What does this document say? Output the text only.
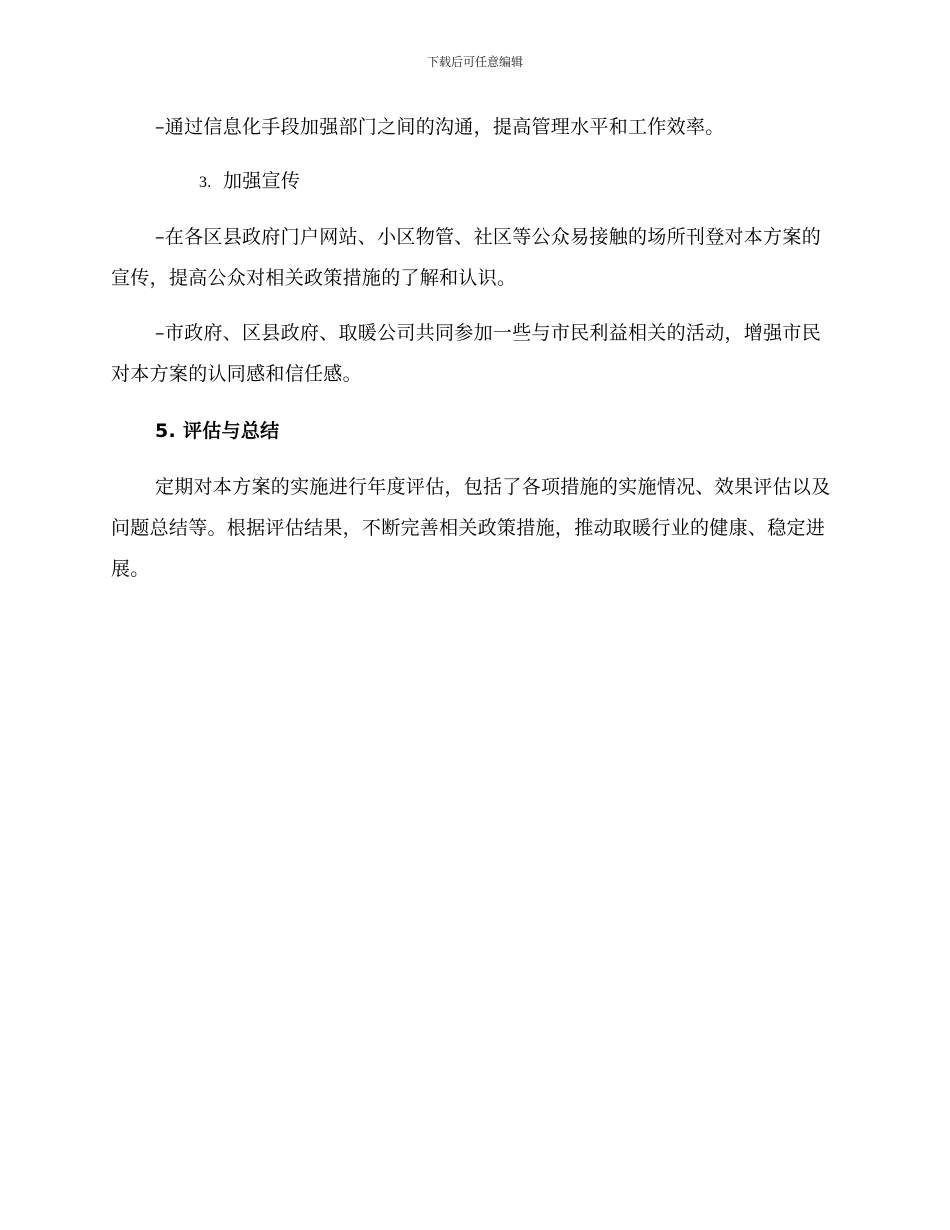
下载后可任意编辑
–通过信息化手段加强部门之间的沟通，提高管理水平和工作效率。
3. 加强宣传
–在各区县政府门户网站、小区物管、社区等公众易接触的场所刊登对本方案的宣传，提高公众对相关政策措施的了解和认识。
–市政府、区县政府、取暖公司共同参加一些与市民利益相关的活动，增强市民对本方案的认同感和信任感。
5. 评估与总结
定期对本方案的实施进行年度评估，包括了各项措施的实施情况、效果评估以及问题总结等。根据评估结果，不断完善相关政策措施，推动取暖行业的健康、稳定进展。
